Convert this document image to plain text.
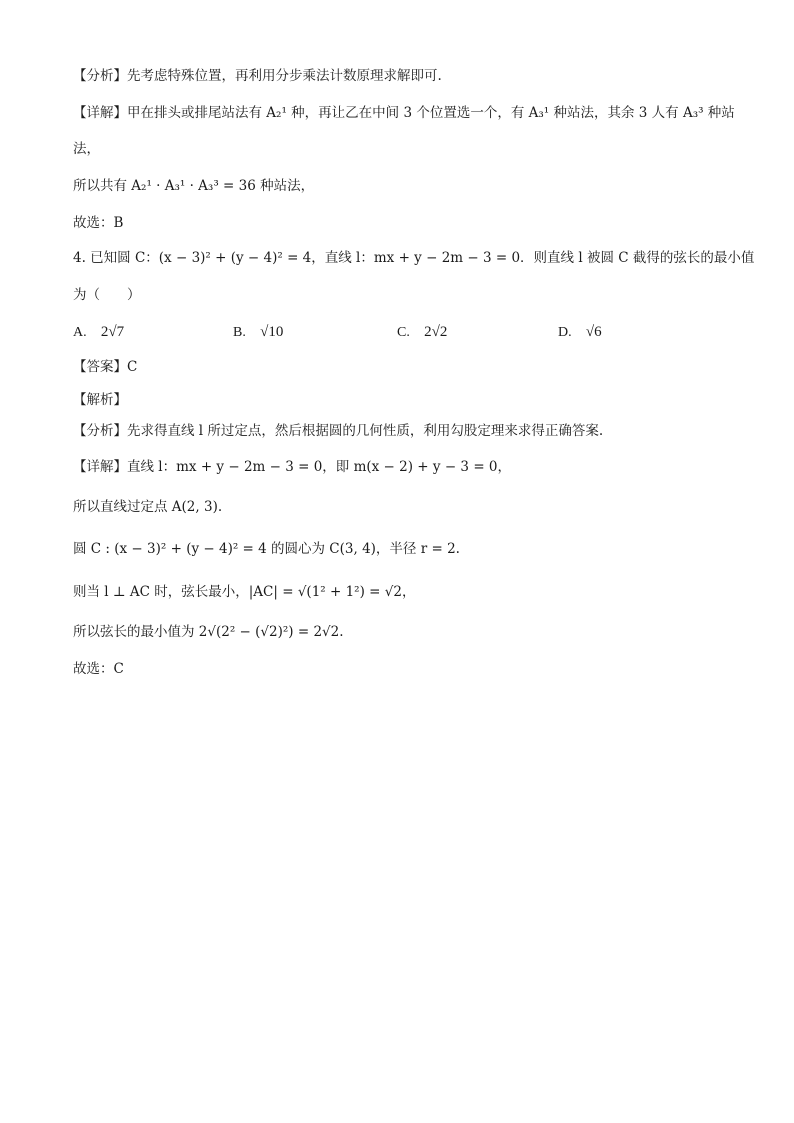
【分析】先考虑特殊位置，再利用分步乘法计数原理求解即可.
【详解】甲在排头或排尾站法有 A₂¹ 种，再让乙在中间 3 个位置选一个，有 A₃¹ 种站法，其余 3 人有 A₃³ 种站
法，
所以共有 A₂¹ · A₃¹ · A₃³ = 36 种站法，
故选：B
4. 已知圆 C：(x − 3)² + (y − 4)² = 4，直线 l：mx + y − 2m − 3 = 0．则直线 l 被圆 C 截得的弦长的最小值
为（　　）
A. 2√7	B. √10	C. 2√2	D. √6
【答案】C
【解析】
【分析】先求得直线 l 所过定点，然后根据圆的几何性质，利用勾股定理来求得正确答案.
【详解】直线 l：mx + y − 2m − 3 = 0，即 m(x − 2) + y − 3 = 0，
所以直线过定点 A(2, 3).
圆 C : (x − 3)² + (y − 4)² = 4 的圆心为 C(3, 4)，半径 r = 2.
则当 l ⊥ AC 时，弦长最小，|AC| = √(1² + 1²) = √2，
所以弦长的最小值为 2√(2² − (√2)²) = 2√2.
故选：C
